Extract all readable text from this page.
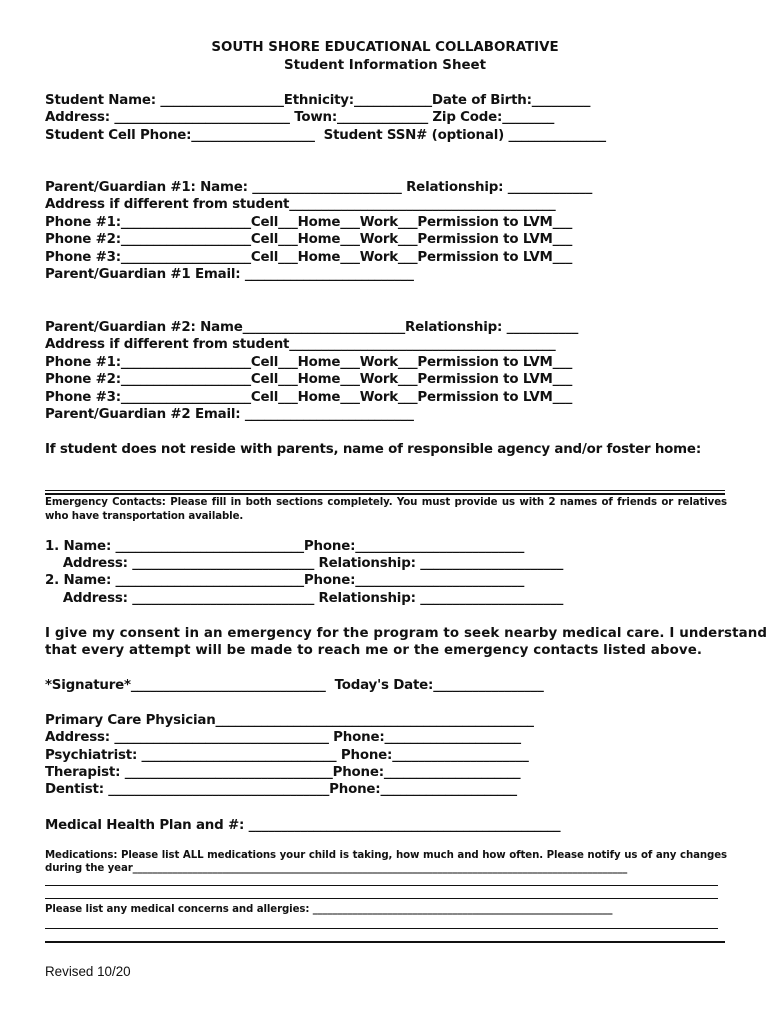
SOUTH SHORE EDUCATIONAL COLLABORATIVE
Student Information Sheet
Student Name: ___________________Ethnicity:____________Date of Birth:_________
Address: ___________________________ Town:______________ Zip Code:________
Student Cell Phone:___________________  Student SSN# (optional) _______________
Parent/Guardian #1: Name: _______________________ Relationship: _____________
Address if different from student_________________________________________
Phone #1:____________________Cell___Home___Work___Permission to LVM___
Phone #2:____________________Cell___Home___Work___Permission to LVM___
Phone #3:____________________Cell___Home___Work___Permission to LVM___
Parent/Guardian #1 Email: __________________________
Parent/Guardian #2: Name_________________________Relationship: ___________
Address if different from student_________________________________________
Phone #1:____________________Cell___Home___Work___Permission to LVM___
Phone #2:____________________Cell___Home___Work___Permission to LVM___
Phone #3:____________________Cell___Home___Work___Permission to LVM___
Parent/Guardian #2 Email: __________________________
If student does not reside with parents, name of responsible agency and/or foster home:
Emergency Contacts: Please fill in both sections completely. You must provide us with 2 names of friends or relatives
who have transportation available.
1. Name: _____________________________Phone:__________________________
Address: ____________________________ Relationship: ______________________
2. Name: _____________________________Phone:__________________________
Address: ____________________________ Relationship: ______________________
I give my consent in an emergency for the program to seek nearby medical care. I understand
that every attempt will be made to reach me or the emergency contacts listed above.
*Signature*______________________________  Today's Date:_________________
Primary Care Physician_________________________________________________
Address: _________________________________ Phone:_____________________
Psychiatrist: ______________________________ Phone:_____________________
Therapist: ________________________________Phone:_____________________
Dentist: __________________________________Phone:_____________________
Medical Health Plan and #: ________________________________________________
Medications: Please list ALL medications your child is taking, how much and how often. Please notify us of any changes
during the year___________________________________________________________________________________________________
Please list any medical concerns and allergies: ____________________________________________________________
Revised 10/20
